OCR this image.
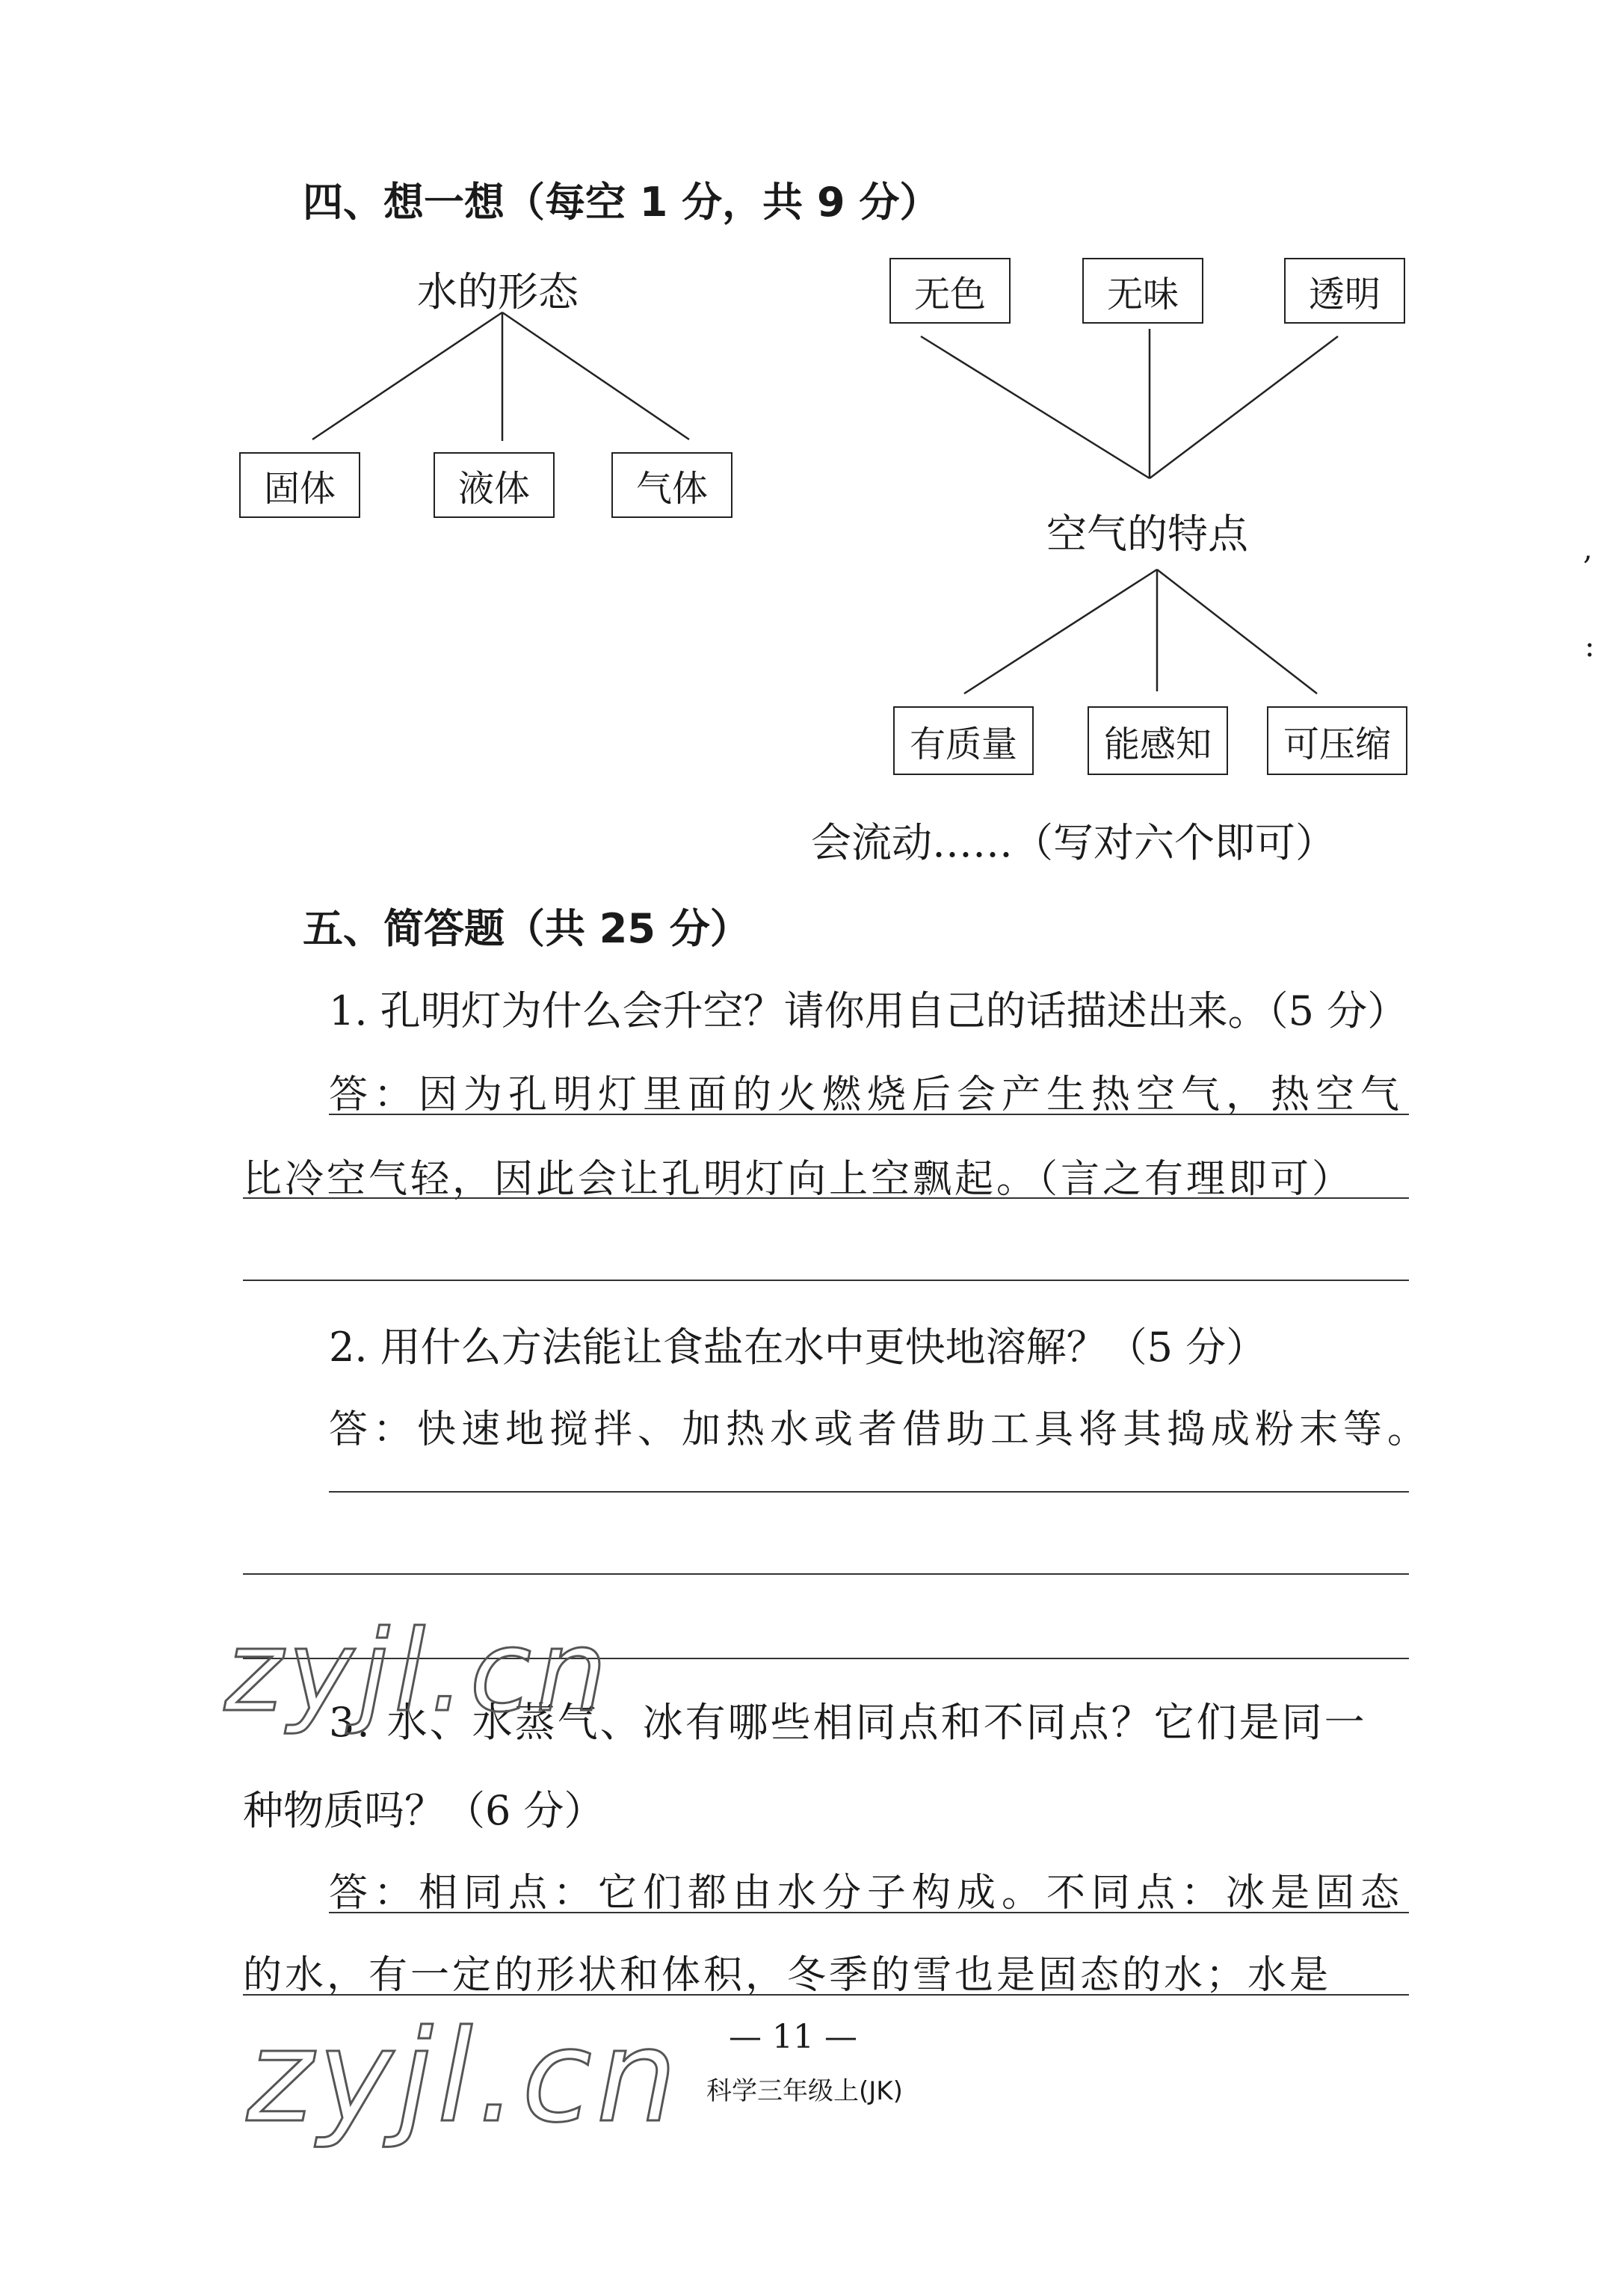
四、想一想（每空 1 分，共 9 分）
水的形态
固体	液体	气体
无色	无味	透明
空气的特点
有质量	能感知	可压缩
会流动……（写对六个即可）
五、简答题（共 25 分）
1. 孔明灯为什么会升空？请你用自己的话描述出来。（5 分）
答：因为孔明灯里面的火燃烧后会产生热空气，热空气
比冷空气轻，因此会让孔明灯向上空飘起。（言之有理即可）
2. 用什么方法能让食盐在水中更快地溶解？（5 分）
答：快速地搅拌、加热水或者借助工具将其捣成粉末等。
3. 水、水蒸气、冰有哪些相同点和不同点？它们是同一
种物质吗？（6 分）
答：相同点：它们都由水分子构成。不同点：冰是固态
的水，有一定的形状和体积，冬季的雪也是固态的水；水是
,
:
zyjl.cn
zyjl.cn — 11 —
科学三年级上(JK)
